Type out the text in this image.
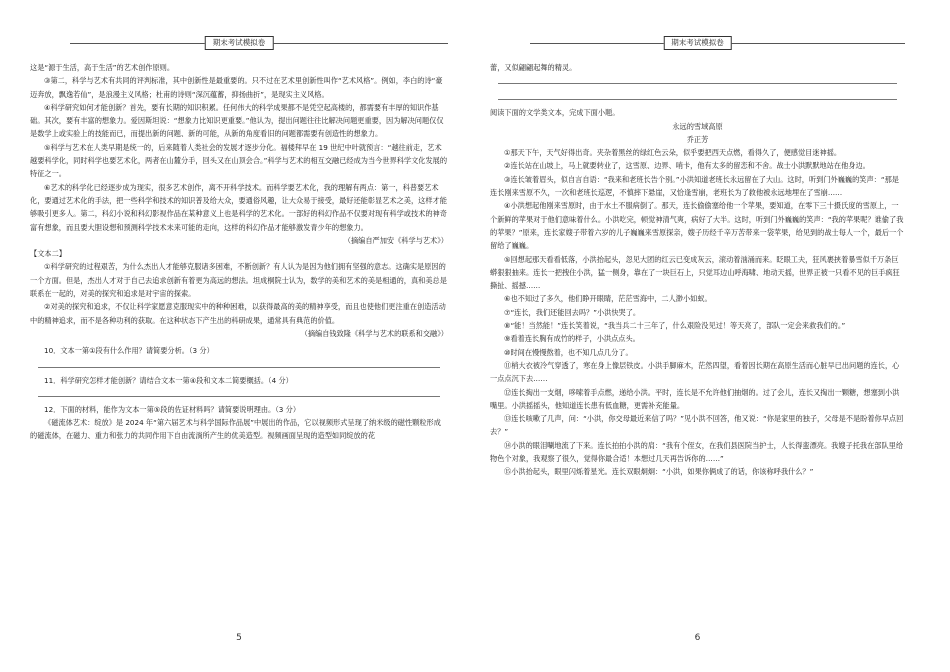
期末考试模拟卷

这是“源于生活，高于生活”的艺术创作原则。

③第二，科学与艺术有共同的评判标准，其中创新性是最重要的。只不过在艺术里创新性叫作“艺术风格”。例如，李白的诗“豪迈奔放，飘逸若仙”，是浪漫主义风格；杜甫的诗则“深沉蕴蓄，抑扬曲折”，是现实主义风格。

④科学研究如何才能创新？首先，要有长期的知识积累。任何伟大的科学成果都不是凭空起高楼的，都需要有丰厚的知识作基础。其次，要有丰富的想象力。爱因斯坦说：“想象力比知识更重要。”他认为，提出问题往往比解决问题更重要，因为解决问题仅仅是数学上或实验上的技能而已，而提出新的问题、新的可能，从新的角度看旧的问题都需要有创造性的想象力。

⑤科学与艺术在人类早期是统一的，后来随着人类社会的发展才逐步分化。福楼拜早在 19 世纪中叶就预言：“越往前走，艺术越要科学化，同时科学也要艺术化，两者在山麓分手，回头又在山顶会合。”科学与艺术的相互交融已经成为当今世界科学文化发展的特征之一。

⑥艺术的科学化已经逐步成为现实，很多艺术创作，离不开科学技术。而科学要艺术化，我的理解有两点：第一，科普要艺术化，要通过艺术化的手法，把一些科学和技术的知识普及给大众，要通俗风趣，让大众易于接受，最好还能彰显艺术之美，这样才能够吸引更多人。第二，科幻小说和科幻影视作品在某种意义上也是科学的艺术化。一部好的科幻作品不仅要对现有科学或技术的神奇富有想象，而且要大胆设想和预测科学技术未来可能的走向，这样的科幻作品才能够激发青少年的想象力。

（摘编自严加安《科学与艺术》）

【文本二】

①科学研究的过程艰苦，为什么杰出人才能够克服诸多困难，不断创新？有人认为是因为他们拥有坚强的意志。这确实是原因的一个方面。但是，杰出人才对于自己去追求创新有着更为高远的想法。坦成桐院士认为，数学的美和艺术的美是相通的，真和美总是联系在一起的，对美的探究和追求是对宇宙的探索。

②对美的探究和追求，不仅让科学家愿意克服现实中的种种困难，以获得最高的美的精神享受，而且也使他们更注重在创造活动中的精神追求，而不是各种功利的获取。在这种状态下产生出的科研成果，通常具有典范的价值。

（摘编自钱致隆《科学与艺术的联系和交融》）

10．文本一第①段有什么作用？请简要分析。（3 分）

11．科学研究怎样才能创新？请结合文本一第④段和文本二简要概括。（4 分）

12．下面的材料，能作为文本一第⑤段的佐证材料吗？请简要说明理由。（3 分）

《磁流体艺术：绽放》是 2024 年“第六届艺术与科学国际作品展”中展出的作品，它以视频形式呈现了纳米级的磁性颗粒形成的磁流体，在磁力、重力和张力的共同作用下自由流淌所产生的优美造型。视频画面呈现的造型如同绽放的花

5
期末考试模拟卷

蕾，又似翩翩起舞的精灵。

阅读下面的文学类文本，完成下面小题。

永远的雪域高原

乔正芳

①那天下午，天气好得出奇。夹杂着黑丝的绿红色云朵，似乎要把西天点燃，看得久了，便感觉目迷神摇。

②连长站在山坡上，马上就要转业了，这雪原、边界、哨卡，他有太多的留恋和不舍。战士小洪默默地站在他身边。

③连长皱着眉头，似自言自语：“我来和老班长告个别。”小洪知道老班长永远留在了大山。这时，听到门外巍巍的笑声：“那是连长刚来雪原不久，一次和老班长巡逻，不慎摔下悬崖，又恰逢雪崩，老班长为了救他被永远地埋在了雪崩……

④小洪想起他刚来雪原时，由于水土不服病倒了。那天，连长偷偷塞给他一个苹果，要知道，在零下三十摄氏度的雪原上，一个新鲜的苹果对于他们意味着什么。小洪吃完，顿觉神清气爽，病好了大半。这时，听到门外巍巍的笑声：“我的苹果呢？谁偷了我的苹果？”原来，连长家嫂子带着六岁的儿子巍巍来雪原探亲，嫂子历经千辛万苦带来一袋苹果，给见到的战士每人一个，最后一个留给了巍巍。

⑤回想起那天看看低落，小洪抬起头，忽见大团的红云已变成灰云，滚动着汹涌而来。眨眼工夫，狂风裹挟着暴雪似千万条巨蟒狠狠抽来。连长一把拽住小洪，猛一侧身，靠在了一块巨石上，只觉耳边山呼海啸、地动天摇，世界正被一只看不见的巨手疯狂撕扯、摇撼……

⑥也不知过了多久，他们睁开眼睛，茫茫雪海中，二人渺小如蚁。

⑦“连长，我们还能回去吗？”小洪快哭了。

⑧“能！当然能！”连长笑着说，“我当兵二十三年了，什么艰险没见过！等天亮了，部队一定会来救我们的。”

⑨看着连长胸有成竹的样子，小洪点点头。

⑩时间在慢慢熬着，也不知几点几分了。

⑪梢大衣被冷气穿透了，寒在身上像层铁皮。小洪手脚麻木，茫然四望，看着因长期在高原生活而心脏早已出问题的连长，心一点点沉下去……

⑫连长掏出一支烟，哆嗦着手点燃，递给小洪。平时，连长是不允许他们抽烟的。过了会儿，连长又掏出一颗糖，想塞到小洪嘴里。小洪摇摇头，他知道连长患有低血糖，更需补充能量。

⑬连长咳嗽了几声，问：“小洪，你交母最近来信了吗？”见小洪不回答，他又说：“你是家里的独子，父母是不是盼着你早点回去？”

⑭小洪的眼泪唰地流了下来。连长拍拍小洪的肩：“我有个侄女，在我们县医院当护士，人长得蛮漂亮。我嫂子托我在部队里给物色个对象，我观察了很久，觉得你最合适！本想过几天再告诉你的……”

⑮小洪抬起头，眼里闪烁着星光。连长双眼炯炯：“小洪，如果你俩成了的话，你该称呼我什么？”

6
